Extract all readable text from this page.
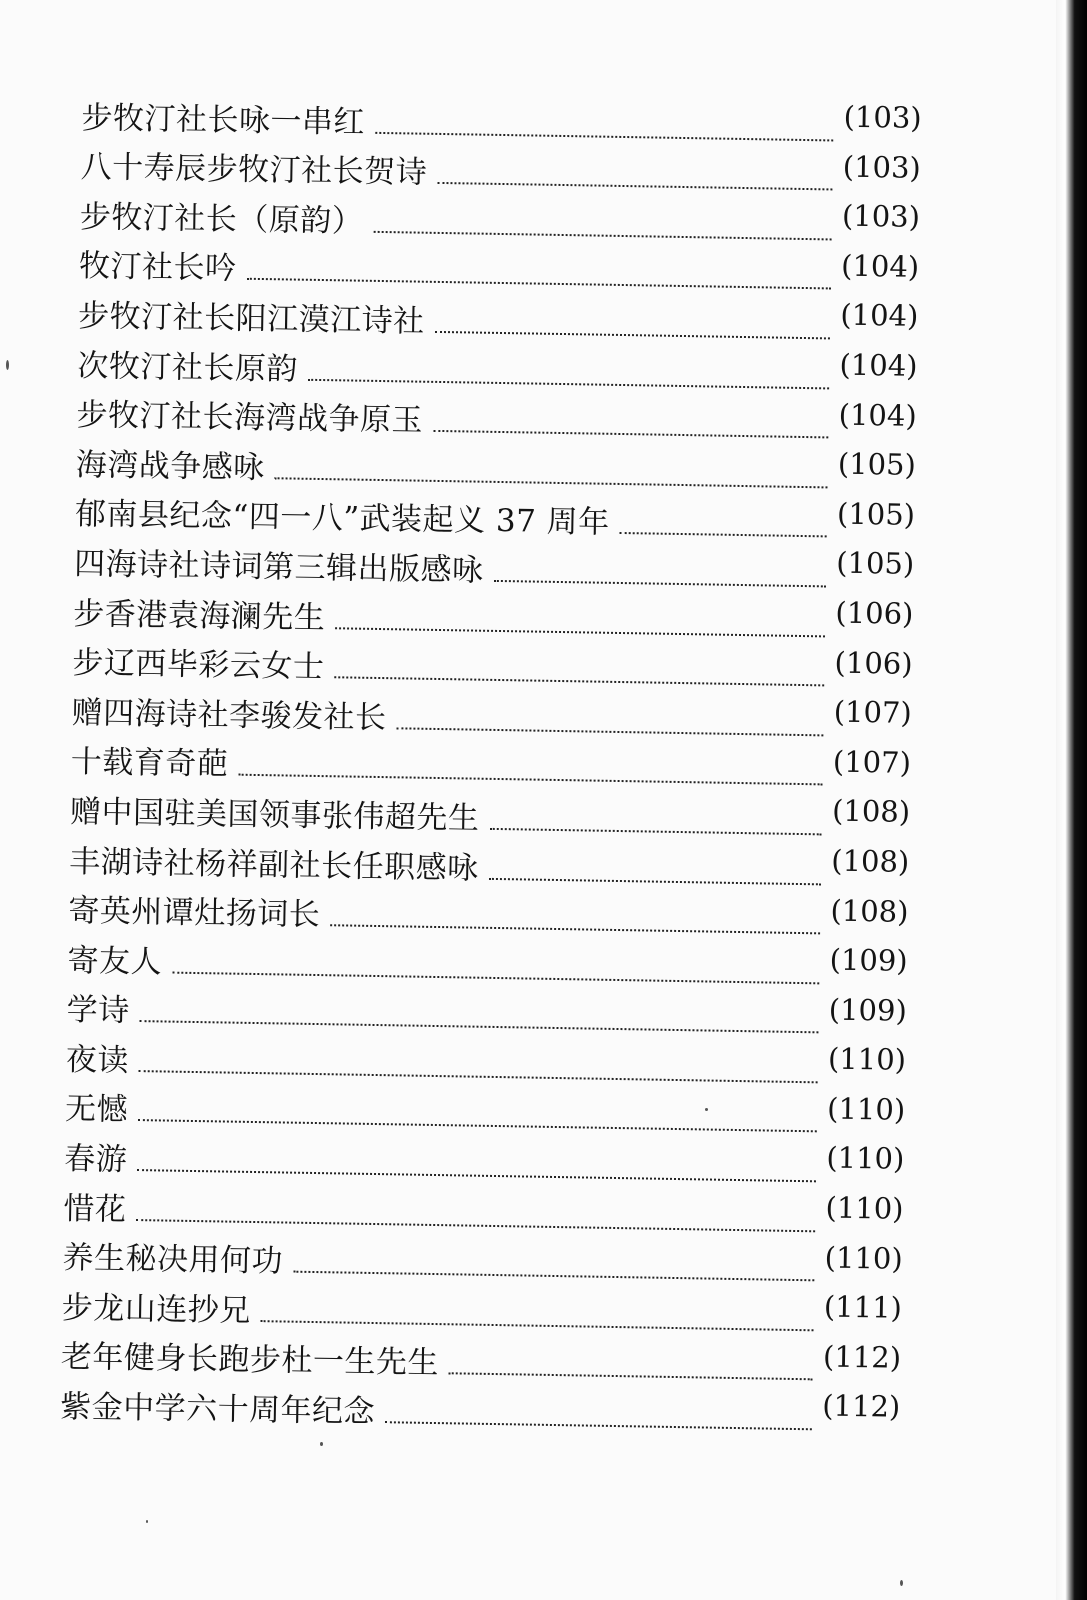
步牧汀社长咏一串红	(103)
八十寿辰步牧汀社长贺诗	(103)
步牧汀社长（原韵）	(103)
牧汀社长吟	(104)
步牧汀社长阳江漠江诗社	(104)
次牧汀社长原韵	(104)
步牧汀社长海湾战争原玉	(104)
海湾战争感咏	(105)
郁南县纪念“四一八”武装起义 37 周年	(105)
四海诗社诗词第三辑出版感咏	(105)
步香港袁海澜先生	(106)
步辽西毕彩云女士	(106)
赠四海诗社李骏发社长	(107)
十载育奇葩	(107)
赠中国驻美国领事张伟超先生	(108)
丰湖诗社杨祥副社长任职感咏	(108)
寄英州谭灶扬词长	(108)
寄友人	(109)
学诗	(109)
夜读	(110)
无憾	(110)
春游	(110)
惜花	(110)
养生秘决用何功	(110)
步龙山连抄兄	(111)
老年健身长跑步杜一生先生	(112)
紫金中学六十周年纪念	(112)
